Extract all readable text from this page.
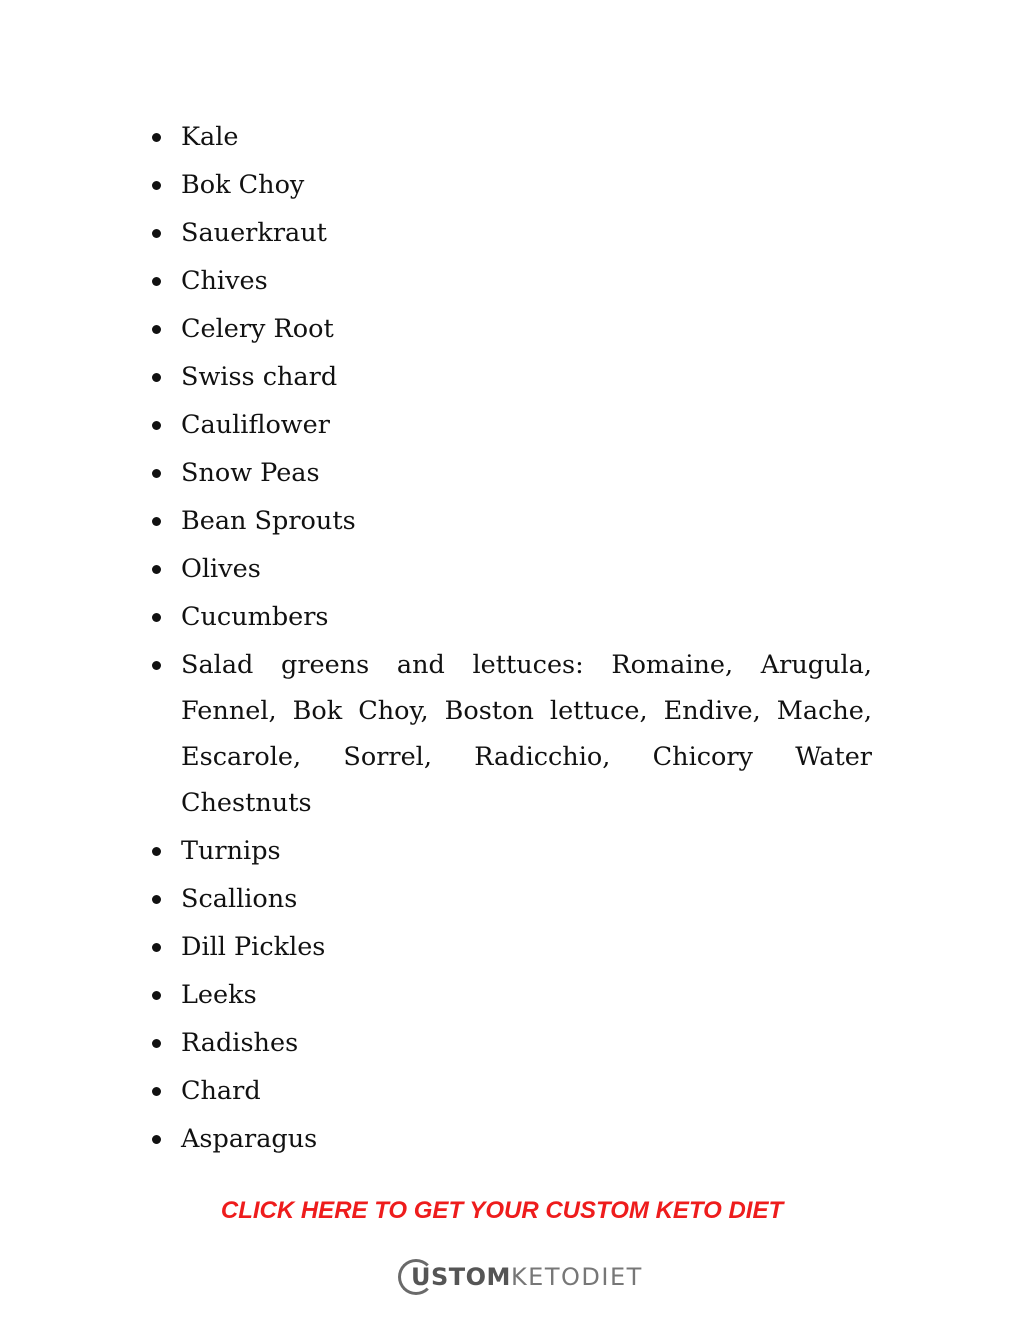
Kale
Bok Choy
Sauerkraut
Chives
Celery Root
Swiss chard
Cauliflower
Snow Peas
Bean Sprouts
Olives
Cucumbers
Salad greens and lettuces: Romaine, Arugula, Fennel, Bok Choy, Boston lettuce, Endive, Mache, Escarole, Sorrel, Radicchio, Chicory Water Chestnuts
Turnips
Scallions
Dill Pickles
Leeks
Radishes
Chard
Asparagus
CLICK HERE TO GET YOUR CUSTOM KETO DIET
USTOMKETODIET
